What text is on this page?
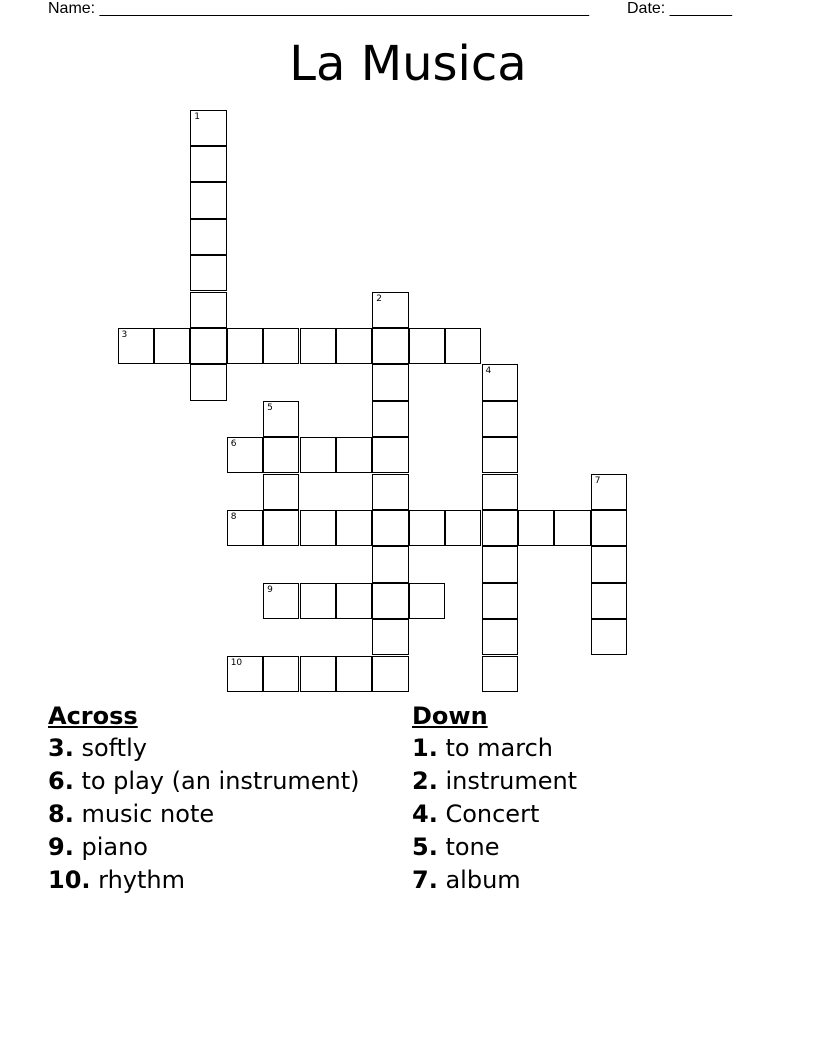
Name: _______________________________________________________ Date: _______
La Musica
1
2
3
4
5
6
7
8
9
10
Across
3. softly
6. to play (an instrument)
8. music note
9. piano
10. rhythm
Down
1. to march
2. instrument
4. Concert
5. tone
7. album
